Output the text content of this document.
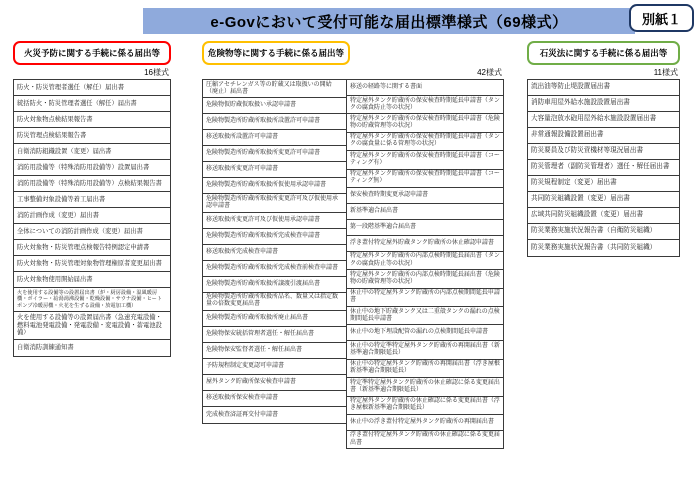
e-Govにおいて受付可能な届出標準様式（69様式）	別紙１
火災予防に関する手続に係る届出等
16様式
防火・防災管理者選任（解任）届出書
統括防火・防災管理者選任（解任）届出書
防火対象物点検結果報告書
防災管理点検結果報告書
自衛消防組織設置（変更）届出書
消防用設備等（特殊消防用設備等）設置届出書
消防用設備等（特殊消防用設備等）点検結果報告書
工事整備対象設備等着工届出書
消防計画作成（変更）届出書
全体についての消防計画作成（変更）届出書
防火対象物・防災管理点検報告特例認定申請書
防火対象物・防災管理対象物管理権原者変更届出書
防火対象物使用開始届出書
火を使用する設備等の設置届出書（炉・厨房設備・温風暖房機・ボイラー・給湯湯沸設備・乾燥設備・サウナ設備・ヒートポンプ冷暖房機・火花を生ずる設備・放電加工機）
火を使用する設備等の設置届出書（急速充電設備・燃料電池発電設備・発電設備・変電設備・蓄電池設備）
自衛消防訓練通知書
危険物等に関する手続に係る届出等
42様式
圧縮アセチレンガス等の貯蔵又は取扱いの開始（廃止）届出書
危険物仮貯蔵仮取扱い承認申請書
危険物製造所貯蔵所取扱所設置許可申請書
移送取扱所設置許可申請書
危険物製造所貯蔵所取扱所変更許可申請書
移送取扱所変更許可申請書
危険物製造所貯蔵所取扱所仮使用承認申請書
危険物製造所貯蔵所取扱所変更許可及び仮使用承認申請書
移送取扱所変更許可及び仮使用承認申請書
危険物製造所貯蔵所取扱所完成検査申請書
移送取扱所完成検査申請書
危険物製造所貯蔵所取扱所完成検査前検査申請書
危険物製造所貯蔵所取扱所譲渡引渡届出書
危険物製造所貯蔵所取扱所品名、数量又は指定数量の倍数変更届出書
危険物製造所貯蔵所取扱所廃止届出書
危険物保安統括管理者選任・解任届出書
危険物保安監督者選任・解任届出書
予防規程制定変更認可申請書
屋外タンク貯蔵所保安検査申請書
移送取扱所保安検査申請書
完成検査済証再交付申請書
移送の経路等に関する書面
特定屋外タンク貯蔵所の保安検査時期延長申請書（タンクの腐食防止等の状況）
特定屋外タンク貯蔵所の保安検査時期延長申請書（危険物の貯蔵管理等の状況）
特定屋外タンク貯蔵所の保安検査時期延長申請書（タンクの腐食量に係る管理等の状況）
特定屋外タンク貯蔵所の保安検査時期延長申請書（コーティング有）
特定屋外タンク貯蔵所の保安検査時期延長申請書（コーティング無）
保安検査時期変更承認申請書
新基準適合届出書
第一段階基準適合届出書
浮き蓋付特定屋外貯蔵タンク貯蔵所の休止確認申請書
特定屋外タンク貯蔵所の内部点検時期延長届出書（タンクの腐食防止等の状況）
特定屋外タンク貯蔵所の内部点検時期延長届出書（危険物の貯蔵管理等の状況）
休止中の特定屋外タンク貯蔵所の内部点検期間延長申請書
休止中の地下貯蔵タンク又は二重殻タンクの漏れの点検期間延長申請書
休止中の地下埋設配管の漏れの点検期間延長申請書
休止中の特定準特定屋外タンク貯蔵所の再開届出書（新基準適合期限延長）
休止中の特定屋外タンク貯蔵所の再開届出書（浮き屋根新基準適合期限延長）
特定準特定屋外タンク貯蔵所の休止確認に係る変更届出書（新基準適合期限延長）
特定屋外タンク貯蔵所の休止確認に係る変更届出書（浮き屋根新基準適合期限延長）
休止中の浮き蓋付特定屋外タンク貯蔵所の再開届出書
浮き蓋付特定屋外タンク貯蔵所の休止確認に係る変更届出書
石災法に関する手続に係る届出等
11様式
流出油等防止堤設置届出書
消防車用屋外給水施設設置届出書
大容量泡放水砲用屋外給水施設設置届出書
非常通報設備設置届出書
防災要員及び防災資機材等現況届出書
防災管理者（副防災管理者）選任・解任届出書
防災規程制定（変更）届出書
共同防災組織設置（変更）届出書
広域共同防災組織設置（変更）届出書
防災業務実施状況報告書（自衛防災組織）
防災業務実施状況報告書（共同防災組織）
